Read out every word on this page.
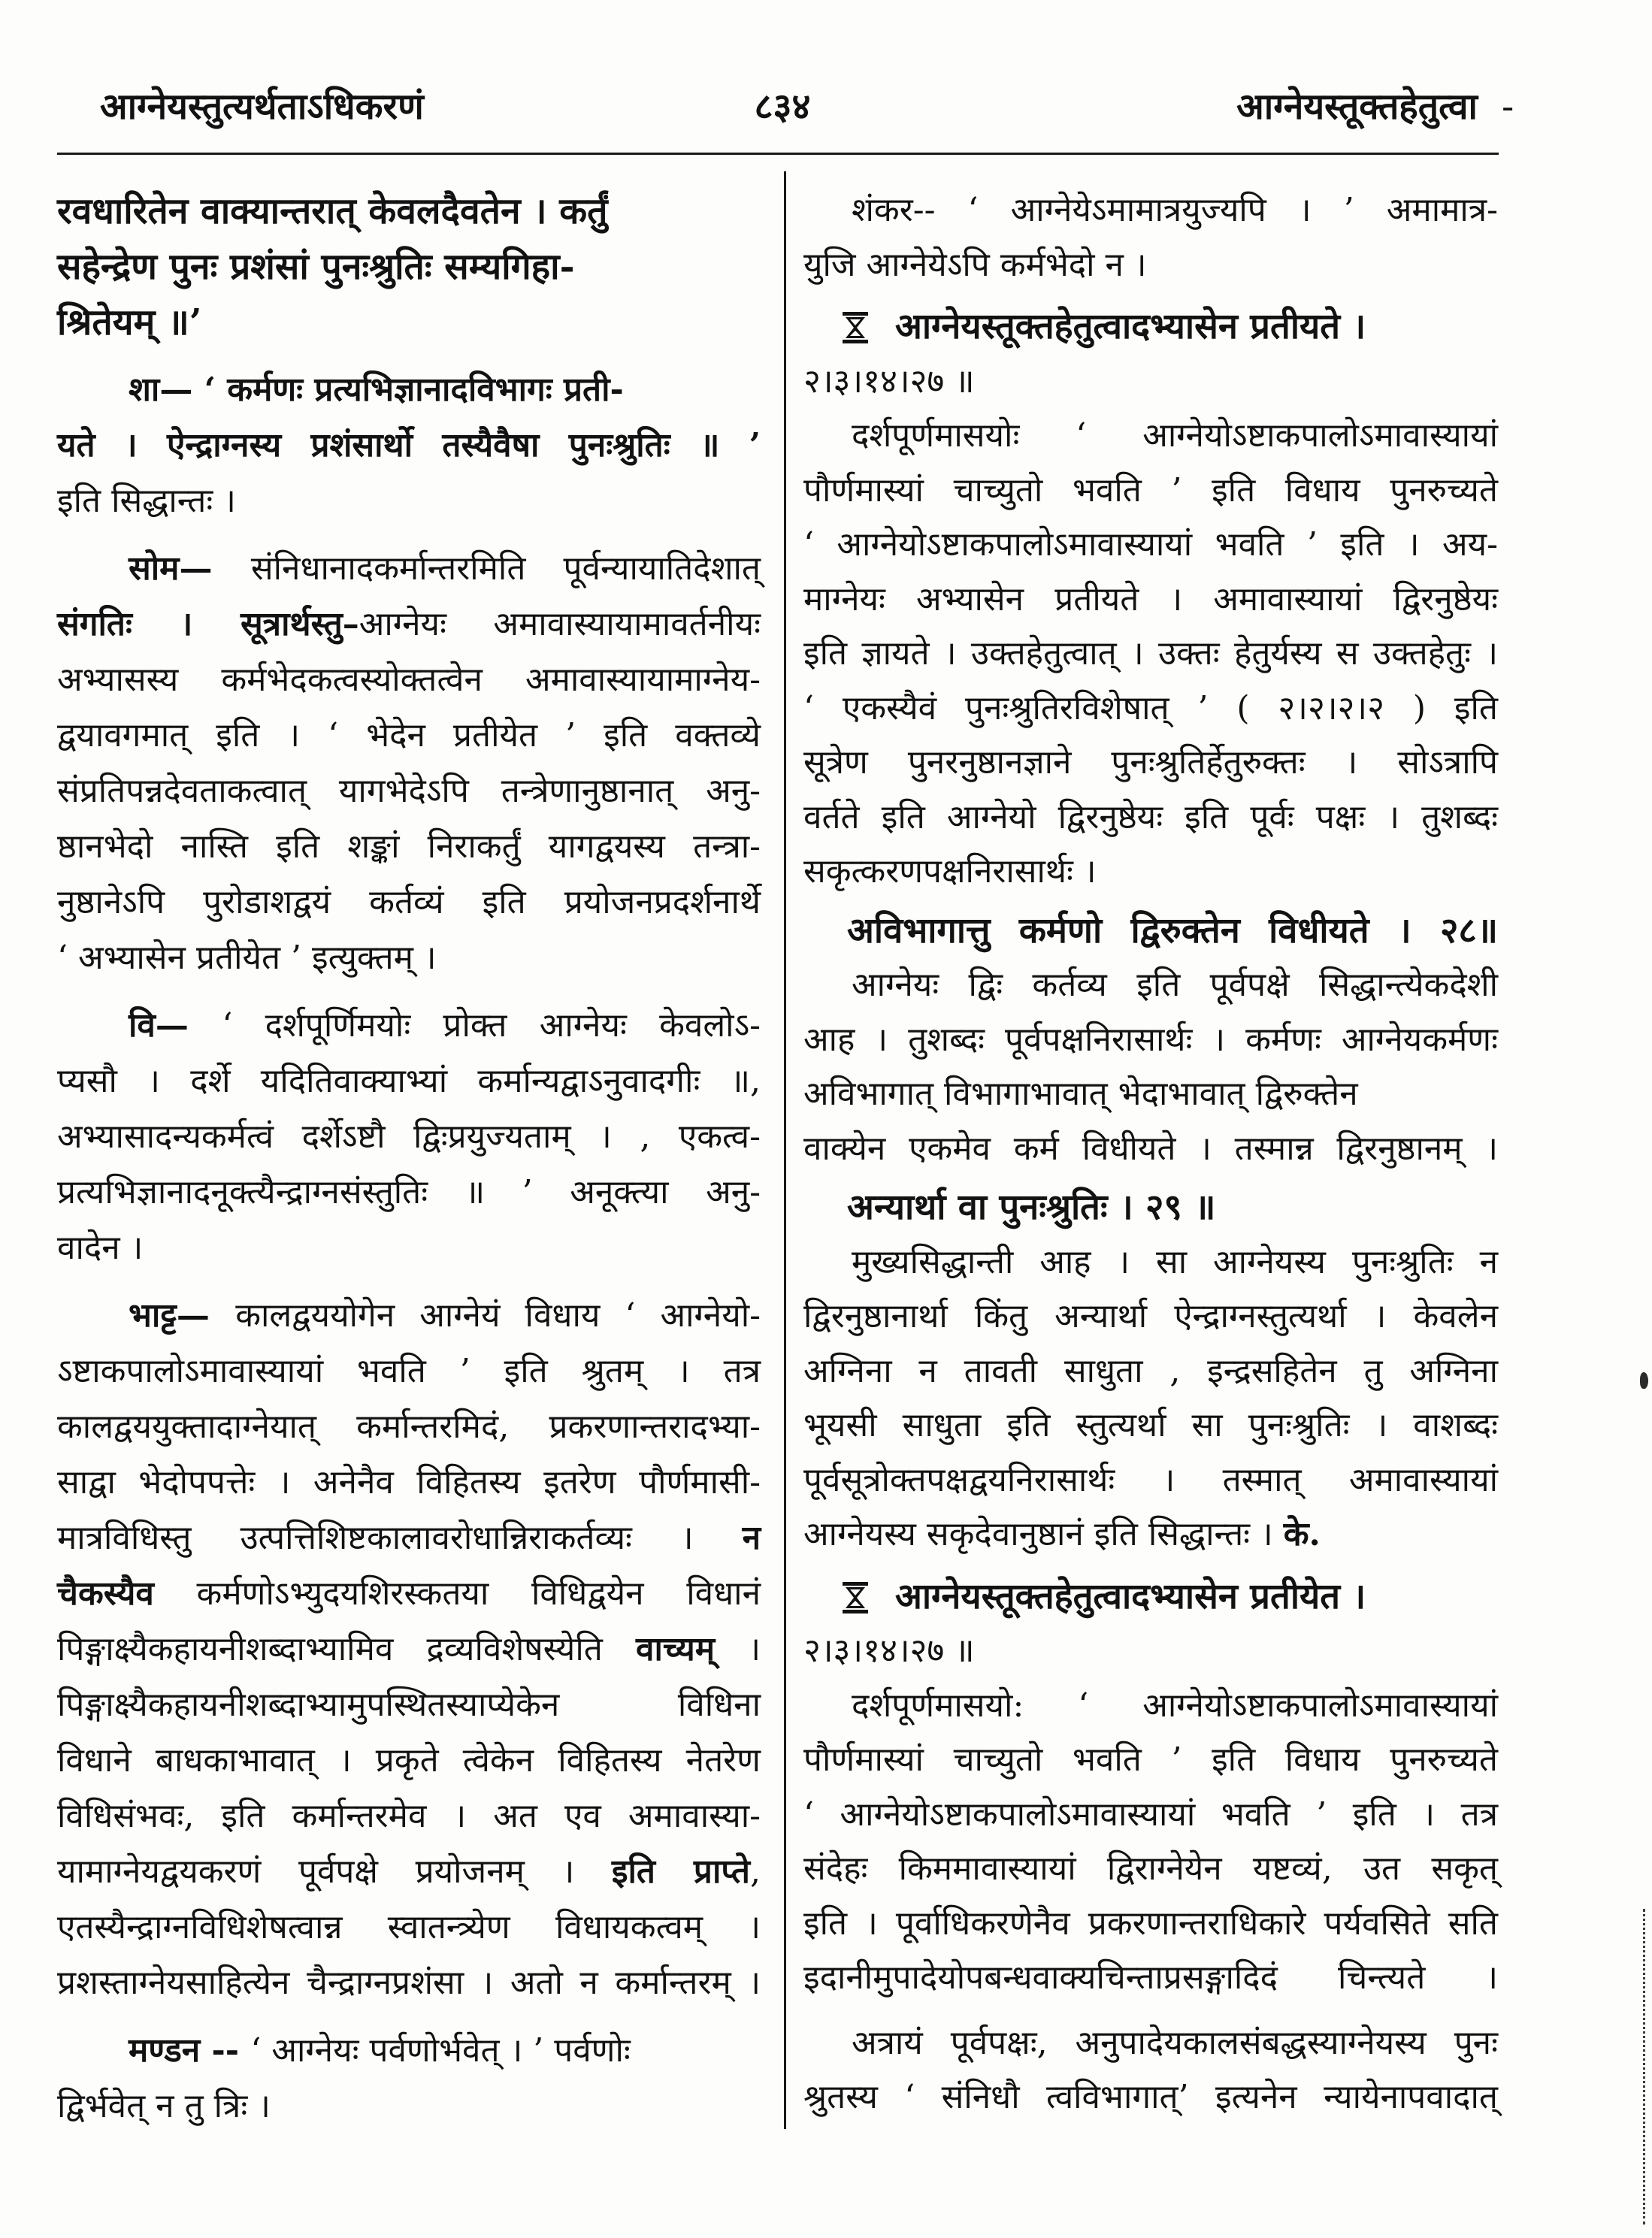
आग्नेयस्तुत्यर्थताऽधिकरणं	८३४	आग्नेयस्तूक्तहेतुत्वा -
रवधारितेन वाक्यान्तरात् केवलदैवतेन । कर्तुं
सहेन्द्रेण पुनः प्रशंसां पुनःश्रुतिः सम्यगिहा-
श्रितेयम् ॥’
शा— ‘ कर्मणः प्रत्यभिज्ञानादविभागः प्रती-
यते । ऐन्द्राग्नस्य प्रशंसार्थो तस्यैवैषा पुनःश्रुतिः ॥ ’
इति सिद्धान्तः ।
सोम— संनिधानादकर्मान्तरमिति पूर्वन्यायातिदेशात्
संगतिः । सूत्रार्थस्तु–आग्नेयः अमावास्यायामावर्तनीयः
अभ्यासस्य कर्मभेदकत्वस्योक्तत्वेन अमावास्यायामाग्नेय-
द्वयावगमात् इति । ‘ भेदेन प्रतीयेत ’ इति वक्तव्ये
संप्रतिपन्नदेवताकत्वात् यागभेदेऽपि तन्त्रेणानुष्ठानात् अनु-
ष्ठानभेदो नास्ति इति शङ्कां निराकर्तुं यागद्वयस्य तन्त्रा-
नुष्ठानेऽपि पुरोडाशद्वयं कर्तव्यं इति प्रयोजनप्रदर्शनार्थे
‘ अभ्यासेन प्रतीयेत ’ इत्युक्तम् ।
वि— ‘ दर्शपूर्णिमयोः प्रोक्त आग्नेयः केवलोऽ-
प्यसौ । दर्शे यदितिवाक्याभ्यां कर्मान्यद्वाऽनुवादगीः ॥,
अभ्यासादन्यकर्मत्वं दर्शेऽष्टौ द्विःप्रयुज्यताम् । , एकत्व-
प्रत्यभिज्ञानादनूक्त्यैन्द्राग्नसंस्तुतिः ॥ ’ अनूक्त्या अनु-
वादेन ।
भाट्ट— कालद्वययोगेन आग्नेयं विधाय ‘ आग्नेयो-
ऽष्टाकपालोऽमावास्यायां भवति ’ इति श्रुतम् । तत्र
कालद्वययुक्तादाग्नेयात् कर्मान्तरमिदं, प्रकरणान्तरादभ्या-
साद्वा भेदोपपत्तेः । अनेनैव विहितस्य इतरेण पौर्णमासी-
मात्रविधिस्तु उत्पत्तिशिष्टकालावरोधान्निराकर्तव्यः । न
चैकस्यैव कर्मणोऽभ्युदयशिरस्कतया विधिद्वयेन विधानं
पिङ्गाक्ष्यैकहायनीशब्दाभ्यामिव द्रव्यविशेषस्येति वाच्यम् ।
पिङ्गाक्ष्यैकहायनीशब्दाभ्यामुपस्थितस्याप्येकेन विधिना
विधाने बाधकाभावात् । प्रकृते त्वेकेन विहितस्य नेतरेण
विधिसंभवः, इति कर्मान्तरमेव । अत एव अमावास्या-
यामाग्नेयद्वयकरणं पूर्वपक्षे प्रयोजनम् । इति प्राप्ते,
एतस्यैन्द्राग्नविधिशेषत्वान्न स्वातन्त्र्येण विधायकत्वम् ।
प्रशस्ताग्नेयसाहित्येन चैन्द्राग्नप्रशंसा । अतो न कर्मान्तरम् ।
मण्डन -- ‘ आग्नेयः पर्वणोर्भवेत् । ’ पर्वणोः
द्विर्भवेत् न तु त्रिः ।
शंकर-- ‘ आग्नेयेऽमामात्रयुज्यपि । ’ अमामात्र-
युजि आग्नेयेऽपि कर्मभेदो न ।
आग्नेयस्तूक्तहेतुत्वादभ्यासेन प्रतीयते ।
२।३।१४।२७ ॥
दर्शपूर्णमासयोः ‘ आग्नेयोऽष्टाकपालोऽमावास्यायां
पौर्णमास्यां चाच्युतो भवति ’ इति विधाय पुनरुच्यते
‘ आग्नेयोऽष्टाकपालोऽमावास्यायां भवति ’ इति । अय-
माग्नेयः अभ्यासेन प्रतीयते । अमावास्यायां द्विरनुष्ठेयः
इति ज्ञायते । उक्तहेतुत्वात् । उक्तः हेतुर्यस्य स उक्तहेतुः ।
‘ एकस्यैवं पुनःश्रुतिरविशेषात् ’ ( २।२।२।२ ) इति
सूत्रेण पुनरनुष्ठानज्ञाने पुनःश्रुतिर्हेतुरुक्तः । सोऽत्रापि
वर्तते इति आग्नेयो द्विरनुष्ठेयः इति पूर्वः पक्षः । तुशब्दः
सकृत्करणपक्षनिरासार्थः ।
अविभागात्तु कर्मणो द्विरुक्तेन विधीयते । २८॥
आग्नेयः द्विः कर्तव्य इति पूर्वपक्षे सिद्धान्त्येकदेशी
आह । तुशब्दः पूर्वपक्षनिरासार्थः । कर्मणः आग्नेयकर्मणः
अविभागात् विभागाभावात् भेदाभावात् द्विरुक्तेन
वाक्येन एकमेव कर्म विधीयते । तस्मान्न द्विरनुष्ठानम् ।
अन्यार्था वा पुनःश्रुतिः । २९ ॥
मुख्यसिद्धान्ती आह । सा आग्नेयस्य पुनःश्रुतिः न
द्विरनुष्ठानार्था किंतु अन्यार्था ऐन्द्राग्नस्तुत्यर्था । केवलेन
अग्निना न तावती साधुता , इन्द्रसहितेन तु अग्निना
भूयसी साधुता इति स्तुत्यर्था सा पुनःश्रुतिः । वाशब्दः
पूर्वसूत्रोक्तपक्षद्वयनिरासार्थः । तस्मात् अमावास्यायां
आग्नेयस्य सकृदेवानुष्ठानं इति सिद्धान्तः । के.
आग्नेयस्तूक्तहेतुत्वादभ्यासेन प्रतीयेत ।
२।३।१४।२७ ॥
दर्शपूर्णमासयो: ‘ आग्नेयोऽष्टाकपालोऽमावास्यायां
पौर्णमास्यां चाच्युतो भवति ’ इति विधाय पुनरुच्यते
‘ आग्नेयोऽष्टाकपालोऽमावास्यायां भवति ’ इति । तत्र
संदेहः किममावास्यायां द्विराग्नेयेन यष्टव्यं, उत सकृत्
इति । पूर्वाधिकरणेनैव प्रकरणान्तराधिकारे पर्यवसिते सति
इदानीमुपादेयोपबन्धवाक्यचिन्ताप्रसङ्गादिदं चिन्त्यते ।
अत्रायं पूर्वपक्षः, अनुपादेयकालसंबद्धस्याग्नेयस्य पुनः
श्रुतस्य ‘ संनिधौ त्वविभागात्’ इत्यनेन न्यायेनापवादात्
